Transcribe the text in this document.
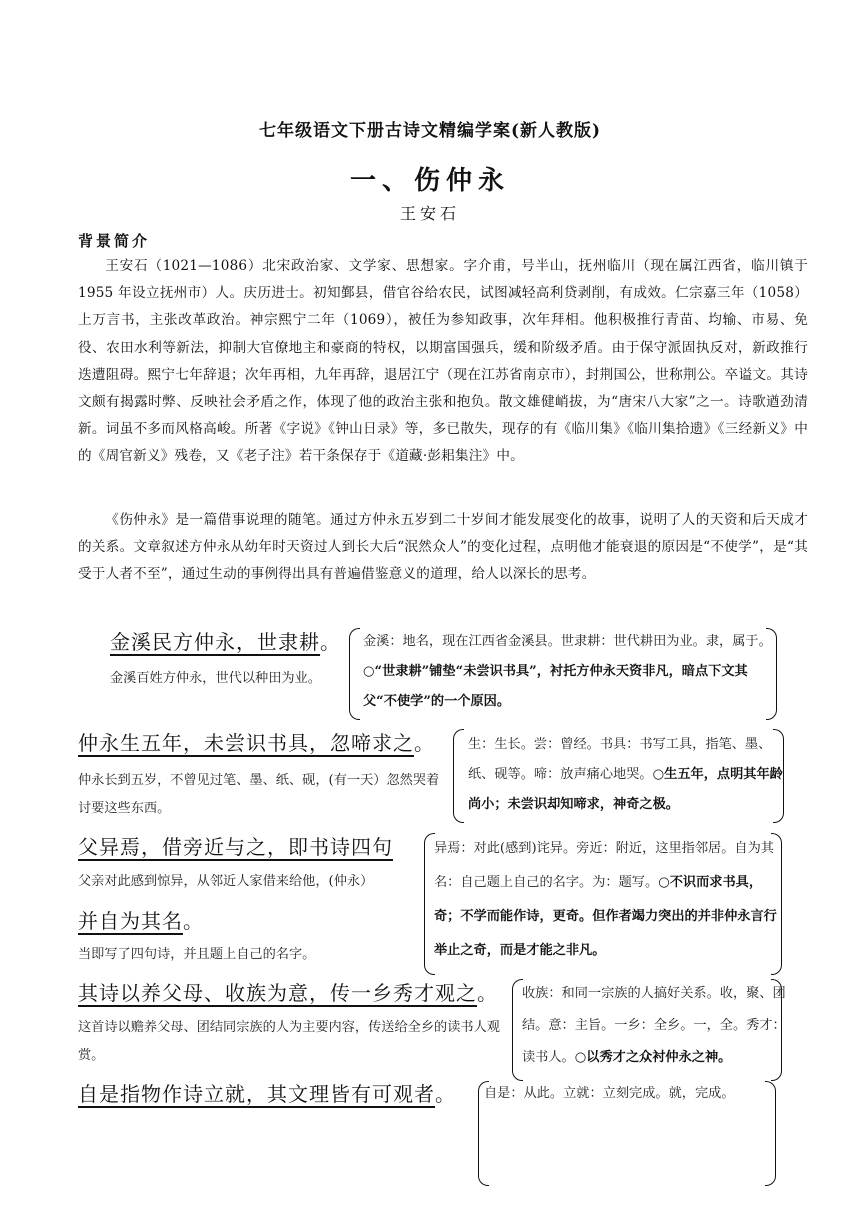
七年级语文下册古诗文精编学案(新人教版)
一、伤仲永
王安石
背景简介

王安石（1021—1086）北宋政治家、文学家、思想家。字介甫，号半山，抚州临川（现在属江西省，临川镇于 1955 年设立抚州市）人。庆历进士。初知鄞县，借官谷给农民，试图减轻高利贷剥削，有成效。仁宗嘉三年（1058）上万言书，主张改革政治。神宗熙宁二年（1069），被任为参知政事，次年拜相。他积极推行青苗、均输、市易、免役、农田水利等新法，抑制大官僚地主和豪商的特权，以期富国强兵，缓和阶级矛盾。由于保守派固执反对，新政推行迭遭阻碍。熙宁七年辞退；次年再相，九年再辞，退居江宁（现在江苏省南京市），封荆国公，世称荆公。卒谥文。其诗文颇有揭露时弊、反映社会矛盾之作，体现了他的政治主张和抱负。散文雄健峭拔，为“唐宋八大家”之一。诗歌遒劲清新。词虽不多而风格高峻。所著《字说》《钟山日录》等，多已散失，现存的有《临川集》《临川集拾遗》《三经新义》中的《周官新义》残卷，又《老子注》若干条保存于《道藏·彭耜集注》中。

《伤仲永》是一篇借事说理的随笔。通过方仲永五岁到二十岁间才能发展变化的故事，说明了人的天资和后天成才的关系。文章叙述方仲永从幼年时天资过人到长大后“泯然众人”的变化过程，点明他才能衰退的原因是“不使学”，是“其受于人者不至”，通过生动的事例得出具有普遍借鉴意义的道理，给人以深长的思考。

金溪民方仲永，世隶耕。
金溪百姓方仲永，世代以种田为业。
金溪：地名，现在江西省金溪县。世隶耕：世代耕田为业。隶，属于。○“世隶耕”铺垫“未尝识书具”，衬托方仲永天资非凡，暗点下文其父“不使学”的一个原因。
仲永生五年，未尝识书具，忽啼求之。
仲永长到五岁，不曾见过笔、墨、纸、砚，(有一天）忽然哭着讨要这些东西。
生：生长。尝：曾经。书具：书写工具，指笔、墨、纸、砚等。啼：放声痛心地哭。○生五年，点明其年龄尚小；未尝识却知啼求，神奇之极。
父异焉，借旁近与之，即书诗四句
父亲对此感到惊异，从邻近人家借来给他，(仲永）
并自为其名。
当即写了四句诗，并且题上自己的名字。
异焉：对此(感到)诧异。旁近：附近，这里指邻居。自为其名：自己题上自己的名字。为：题写。○不识而求书具，奇；不学而能作诗，更奇。但作者竭力突出的并非仲永言行举止之奇，而是才能之非凡。
其诗以养父母、收族为意，传一乡秀才观之。
这首诗以赡养父母、团结同宗族的人为主要内容，传送给全乡的读书人观赏。
收族：和同一宗族的人搞好关系。收，聚、团结。意：主旨。一乡：全乡。一，全。秀才：读书人。○以秀才之众衬仲永之神。
自是指物作诗立就，其文理皆有可观者。	自是：从此。立就：立刻完成。就，完成。
